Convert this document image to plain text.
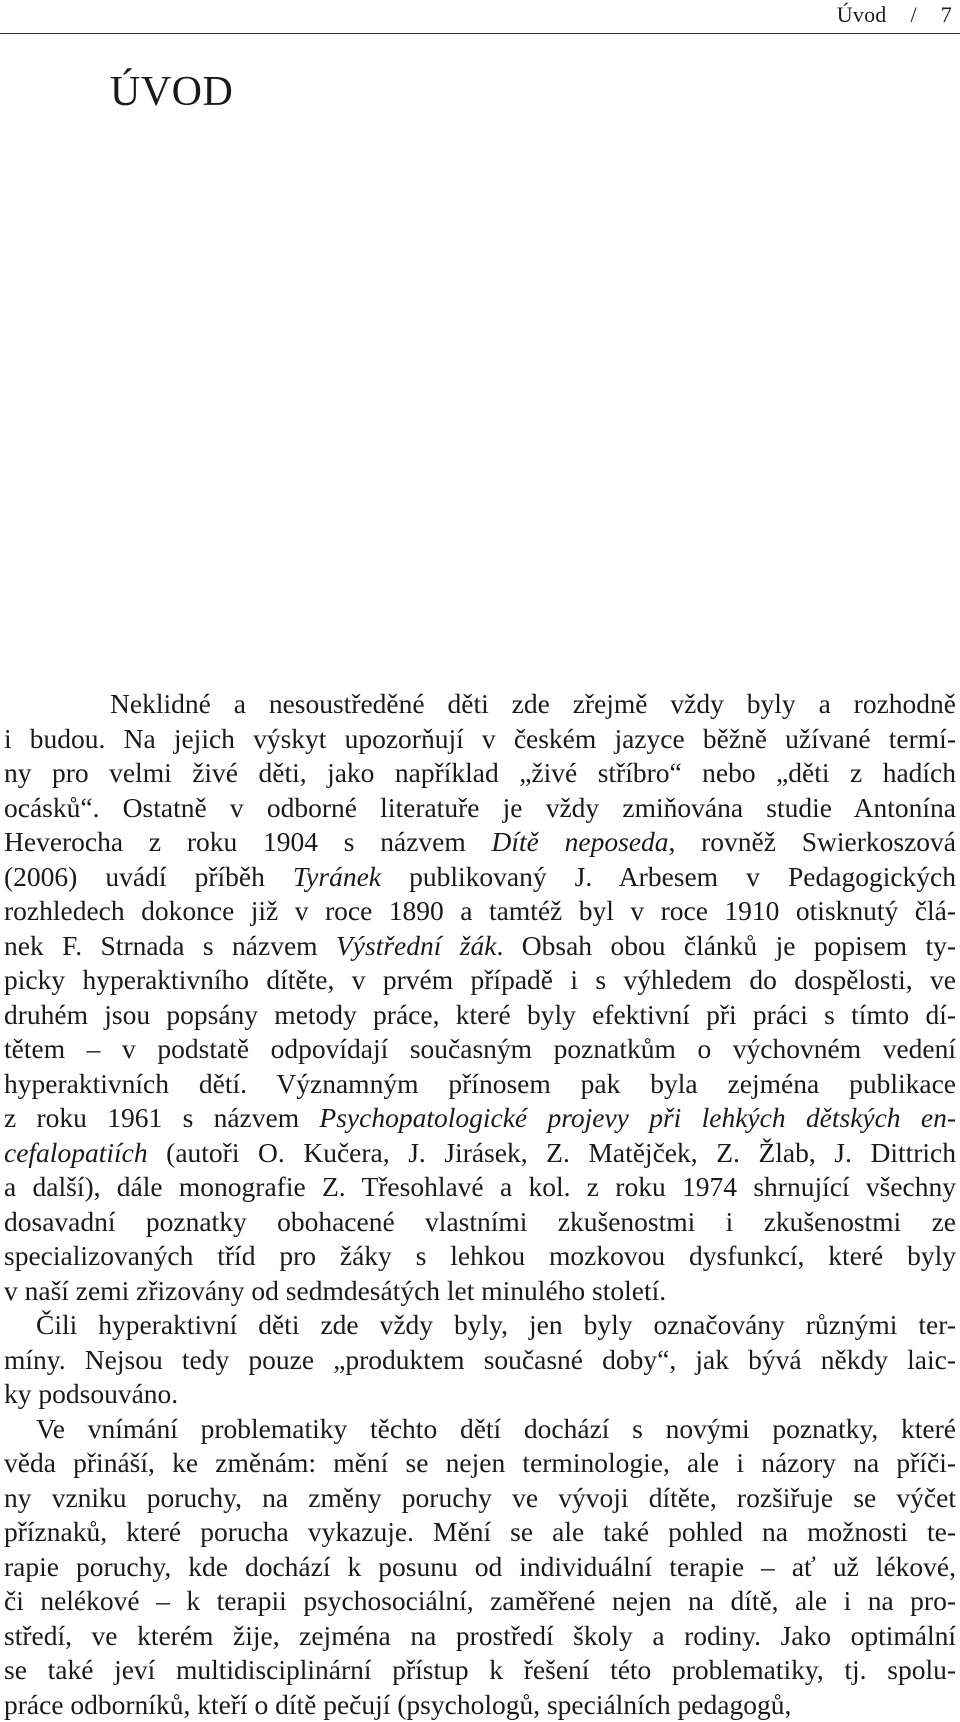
Úvod / 7
ÚVOD
Neklidné a nesoustředěné děti zde zřejmě vždy byly a rozhodně
i budou. Na jejich výskyt upozorňují v českém jazyce běžně užívané termí-
ny pro velmi živé děti, jako například „živé stříbro“ nebo „děti z hadích
ocásků“. Ostatně v odborné literatuře je vždy zmiňována studie Antonína
Heverocha z roku 1904 s názvem Dítě neposeda, rovněž Swierkoszová
(2006) uvádí příběh Tyránek publikovaný J. Arbesem v Pedagogických
rozhledech dokonce již v roce 1890 a tamtéž byl v roce 1910 otisknutý člá-
nek F. Strnada s názvem Výstřední žák. Obsah obou článků je popisem ty-
picky hyperaktivního dítěte, v prvém případě i s výhledem do dospělosti, ve
druhém jsou popsány metody práce, které byly efektivní při práci s tímto dí-
tětem – v podstatě odpovídají současným poznatkům o výchovném vedení
hyperaktivních dětí. Významným přínosem pak byla zejména publikace
z roku 1961 s názvem Psychopatologické projevy při lehkých dětských en-
cefalopatiích (autoři O. Kučera, J. Jirásek, Z. Matějček, Z. Žlab, J. Dittrich
a další), dále monografie Z. Třesohlavé a kol. z roku 1974 shrnující všechny
dosavadní poznatky obohacené vlastními zkušenostmi i zkušenostmi ze
specializovaných tříd pro žáky s lehkou mozkovou dysfunkcí, které byly
v naší zemi zřizovány od sedmdesátých let minulého století.
Čili hyperaktivní děti zde vždy byly, jen byly označovány různými ter-
míny. Nejsou tedy pouze „produktem současné doby“, jak bývá někdy laic-
ky podsouváno.
Ve vnímání problematiky těchto dětí dochází s novými poznatky, které
věda přináší, ke změnám: mění se nejen terminologie, ale i názory na příči-
ny vzniku poruchy, na změny poruchy ve vývoji dítěte, rozšiřuje se výčet
příznaků, které porucha vykazuje. Mění se ale také pohled na možnosti te-
rapie poruchy, kde dochází k posunu od individuální terapie – ať už lékové,
či nelékové – k terapii psychosociální, zaměřené nejen na dítě, ale i na pro-
středí, ve kterém žije, zejména na prostředí školy a rodiny. Jako optimální
se také jeví multidisciplinární přístup k řešení této problematiky, tj. spolu-
práce odborníků, kteří o dítě pečují (psychologů, speciálních pedagogů,
